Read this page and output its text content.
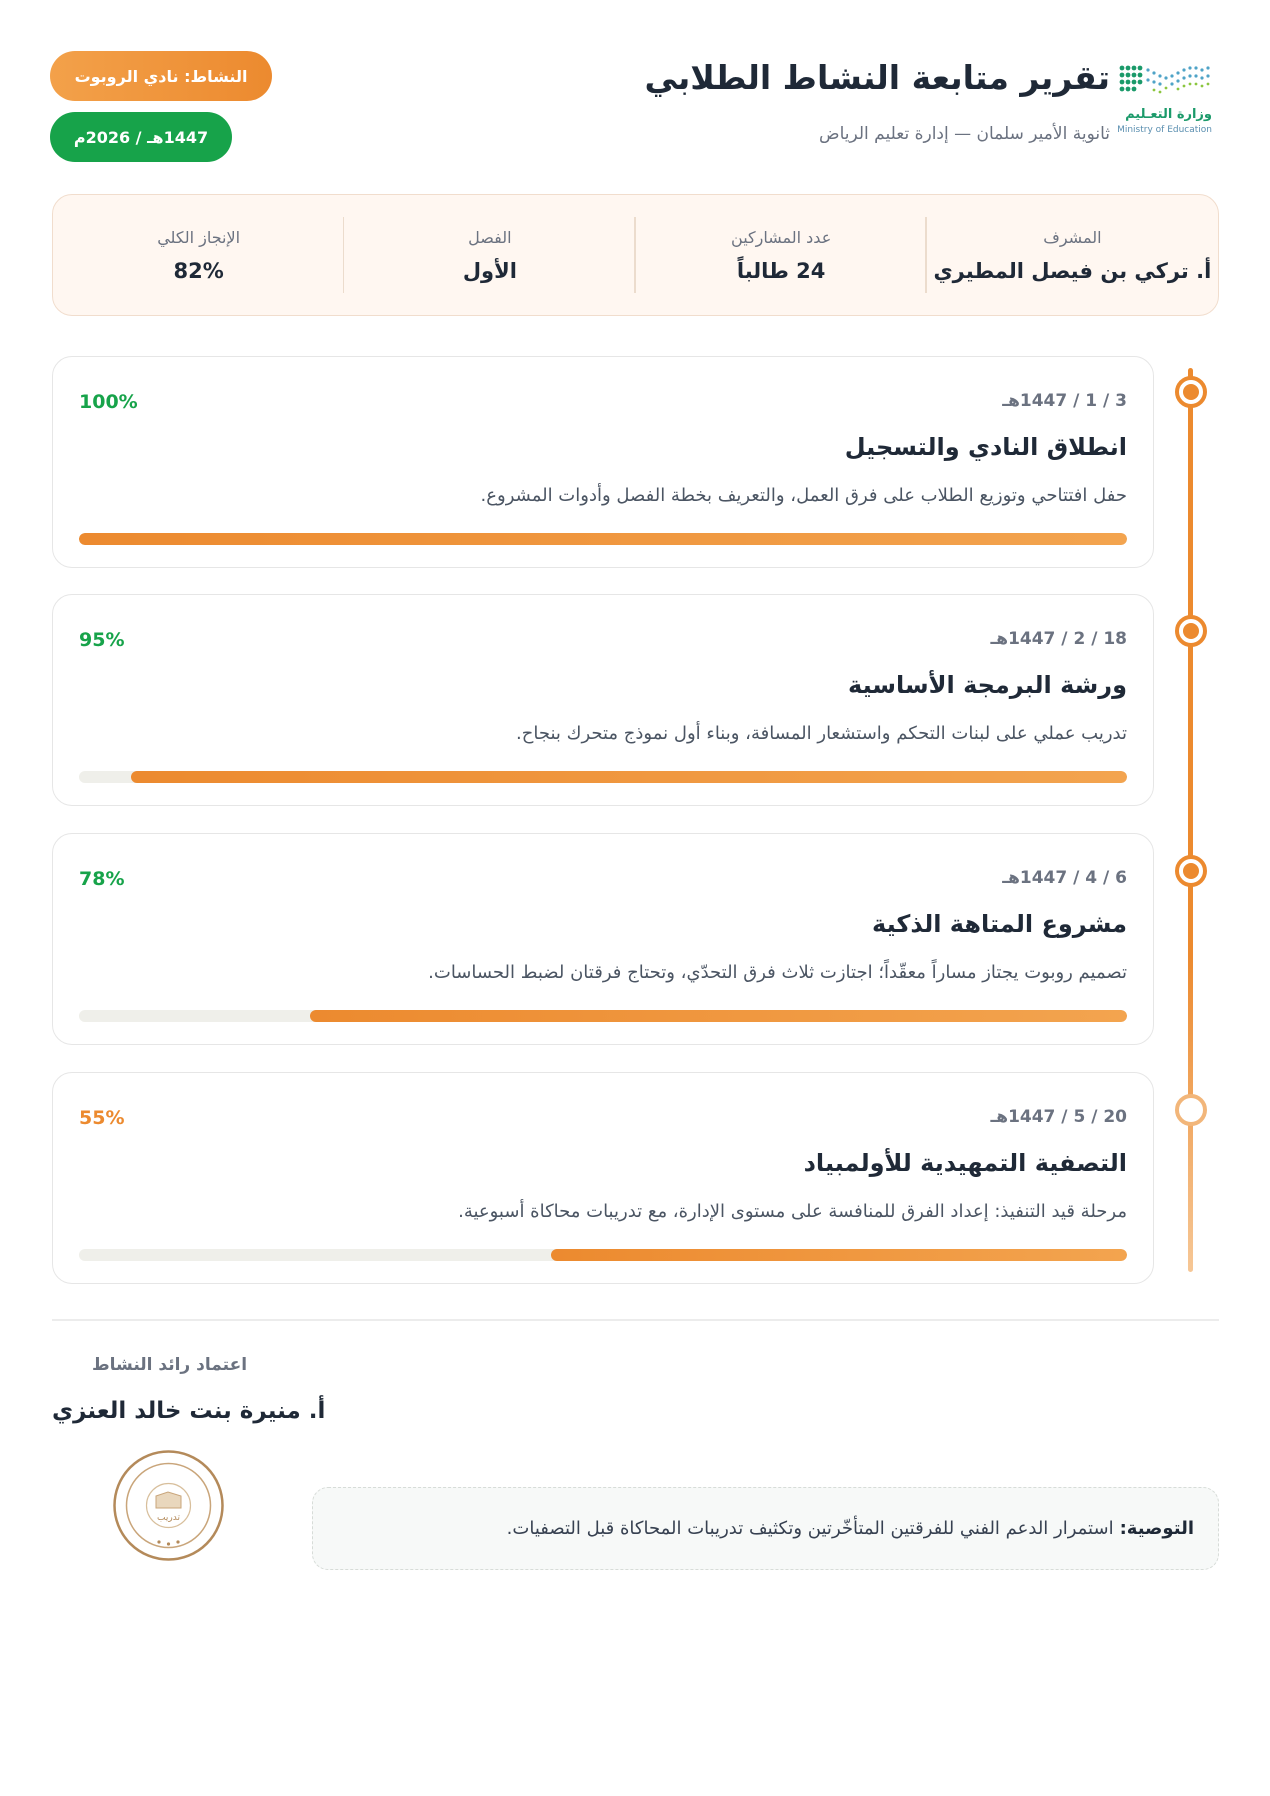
وزارة التعـليم
Ministry of Education
تقرير متابعة النشاط الطلابي
ثانوية الأمير سلمان — إدارة تعليم الرياض
النشاط: نادي الروبوت
1447هـ / 2026م
المشرف
أ. تركي بن فيصل المطيري
عدد المشاركين
24 طالباً
الفصل
الأول
الإنجاز الكلي
82%
3 / 1 / 1447هـ
100%
انطلاق النادي والتسجيل
حفل افتتاحي وتوزيع الطلاب على فرق العمل، والتعريف بخطة الفصل وأدوات المشروع.
18 / 2 / 1447هـ
95%
ورشة البرمجة الأساسية
تدريب عملي على لبنات التحكم واستشعار المسافة، وبناء أول نموذج متحرك بنجاح.
6 / 4 / 1447هـ
78%
مشروع المتاهة الذكية
تصميم روبوت يجتاز مساراً معقّداً؛ اجتازت ثلاث فرق التحدّي، وتحتاج فرقتان لضبط الحساسات.
20 / 5 / 1447هـ
55%
التصفية التمهيدية للأولمبياد
مرحلة قيد التنفيذ: إعداد الفرق للمنافسة على مستوى الإدارة، مع تدريبات محاكاة أسبوعية.
اعتماد رائد النشاط
أ. منيرة بنت خالد العنزي
تدريب	التوصية:
استمرار الدعم الفني للفرقتين المتأخّرتين وتكثيف تدريبات المحاكاة قبل التصفيات.
